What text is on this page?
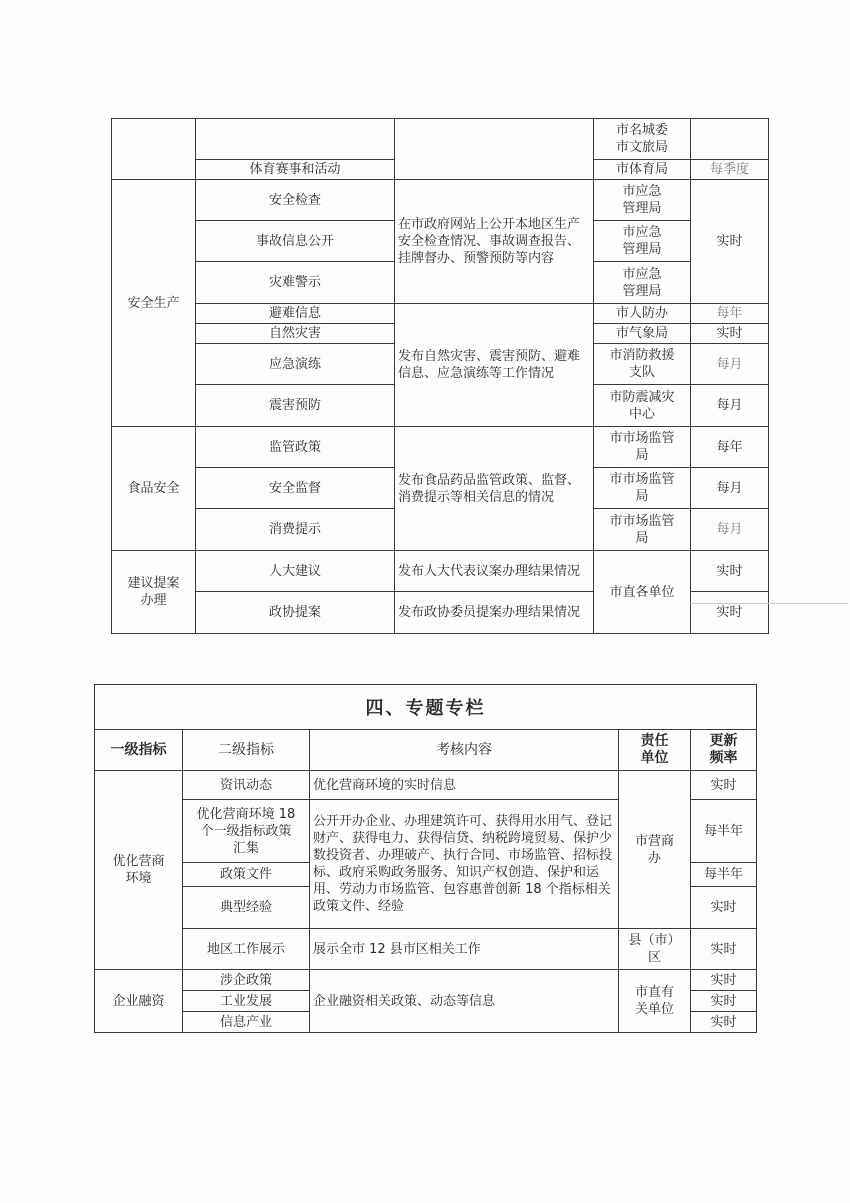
			市名城委
市文旅局	
	体育赛事和活动		市体育局	每季度
安全生产	安全检查	在市政府网站上公开本地区生产安全检查情况、事故调查报告、挂牌督办、预警预防等内容	市应急
管理局	实时
	事故信息公开		市应急
管理局	
	灾难警示		市应急
管理局	
	避难信息	发布自然灾害、震害预防、避难信息、应急演练等工作情况	市人防办	每年
	自然灾害		市气象局	实时
	应急演练		市消防救援
支队	每月
	震害预防		市防震减灾
中心	每月
食品安全	监管政策	发布食品药品监管政策、监督、消费提示等相关信息的情况	市市场监管
局	每年
	安全监督		市市场监管
局	每月
	消费提示		市市场监管
局	每月
建议提案
办理	人大建议	发布人大代表议案办理结果情况	市直各单位	实时
	政协提案	发布政协委员提案办理结果情况		实时
四、专题专栏
一级指标	二级指标	考核内容	责任
单位	更新
频率
优化营商
环境	资讯动态	优化营商环境的实时信息	市营商
办	实时
	优化营商环境 18
个一级指标政策
汇集	公开开办企业、办理建筑许可、获得用水用气、登记财产、获得电力、获得信贷、纳税跨境贸易、保护少数投资者、办理破产、执行合同、市场监管、招标投标、政府采购政务服务、知识产权创造、保护和运用、劳动力市场监管、包容惠普创新 18 个指标相关政策文件、经验		每半年
	政策文件			每半年
	典型经验			实时
	地区工作展示	展示全市 12 县市区相关工作	县（市）
区	实时
企业融资	涉企政策	企业融资相关政策、动态等信息	市直有
关单位	实时
	工业发展			实时
	信息产业			实时
